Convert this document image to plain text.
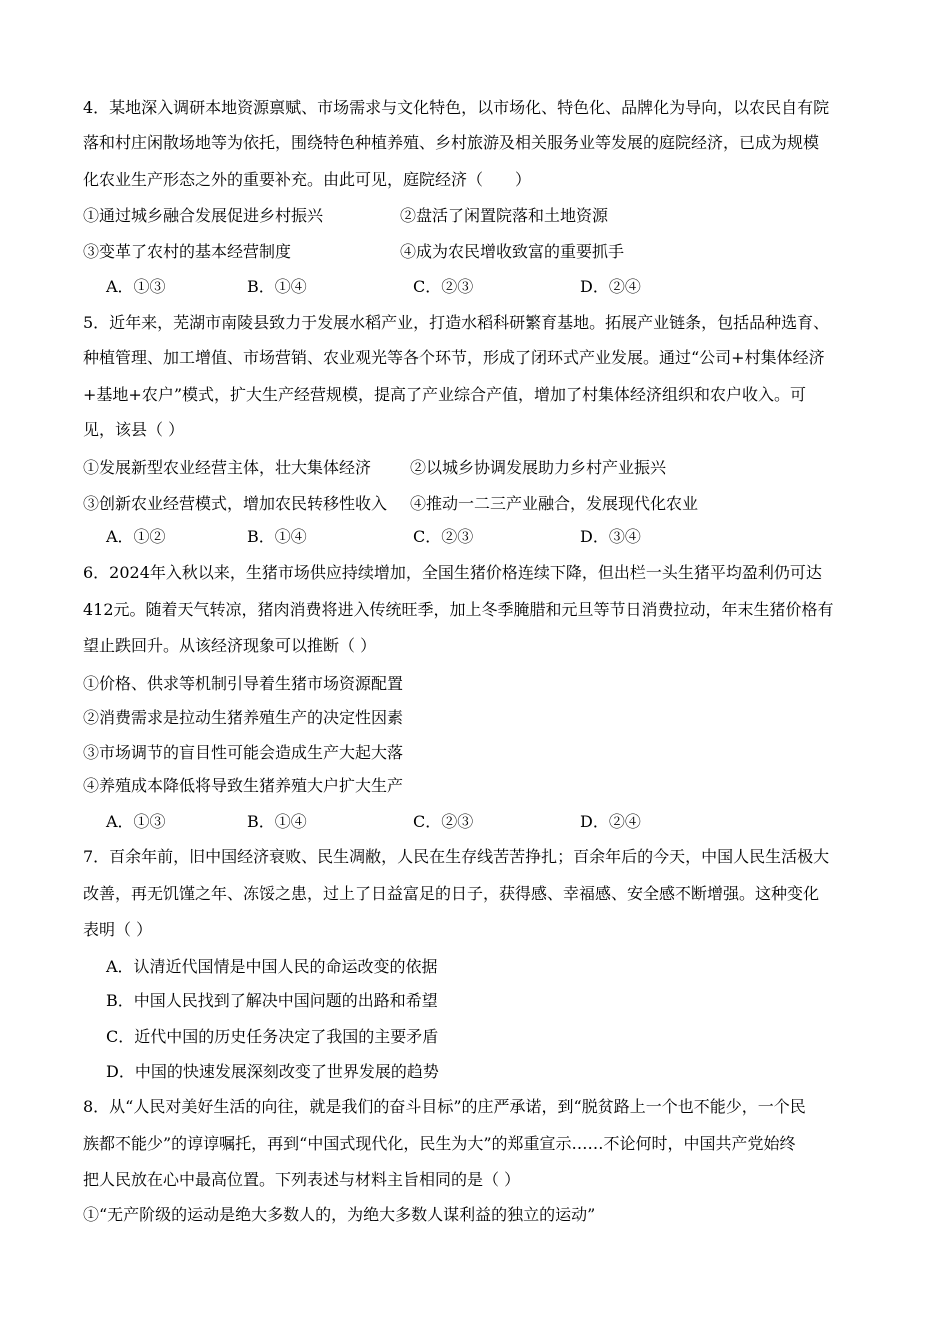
4．某地深入调研本地资源禀赋、市场需求与文化特色，以市场化、特色化、品牌化为导向，以农民自有院
落和村庄闲散场地等为依托，围绕特色种植养殖、乡村旅游及相关服务业等发展的庭院经济，已成为规模
化农业生产形态之外的重要补充。由此可见，庭院经济（　　）
①通过城乡融合发展促进乡村振兴	②盘活了闲置院落和土地资源
③变革了农村的基本经营制度	④成为农民增收致富的重要抓手
A．①③	B．①④	C．②③	D．②④
5．近年来，芜湖市南陵县致力于发展水稻产业，打造水稻科研繁育基地。拓展产业链条，包括品种选育、
种植管理、加工增值、市场营销、农业观光等各个环节，形成了闭环式产业发展。通过“公司+村集体经济
+基地+农户”模式，扩大生产经营规模，提高了产业综合产值，增加了村集体经济组织和农户收入。可
见，该县（ ）
①发展新型农业经营主体，壮大集体经济 ②以城乡协调发展助力乡村产业振兴
③创新农业经营模式，增加农民转移性收入 ④推动一二三产业融合，发展现代化农业
A．①②	B．①④	C．②③	D．③④
6．2024年入秋以来，生猪市场供应持续增加，全国生猪价格连续下降，但出栏一头生猪平均盈利仍可达
412元。随着天气转凉，猪肉消费将进入传统旺季，加上冬季腌腊和元旦等节日消费拉动，年末生猪价格有
望止跌回升。从该经济现象可以推断（ ）
①价格、供求等机制引导着生猪市场资源配置
②消费需求是拉动生猪养殖生产的决定性因素
③市场调节的盲目性可能会造成生产大起大落
④养殖成本降低将导致生猪养殖大户扩大生产
A．①③	B．①④	C．②③	D．②④
7．百余年前，旧中国经济衰败、民生凋敝，人民在生存线苦苦挣扎；百余年后的今天，中国人民生活极大
改善，再无饥馑之年、冻馁之患，过上了日益富足的日子，获得感、幸福感、安全感不断增强。这种变化
表明（ ）
A．认清近代国情是中国人民的命运改变的依据
B．中国人民找到了解决中国问题的出路和希望
C．近代中国的历史任务决定了我国的主要矛盾
D．中国的快速发展深刻改变了世界发展的趋势
8．从“人民对美好生活的向往，就是我们的奋斗目标”的庄严承诺，到“脱贫路上一个也不能少，一个民
族都不能少”的谆谆嘱托，再到“中国式现代化，民生为大”的郑重宣示……不论何时，中国共产党始终
把人民放在心中最高位置。下列表述与材料主旨相同的是（ ）
①“无产阶级的运动是绝大多数人的，为绝大多数人谋利益的独立的运动”
